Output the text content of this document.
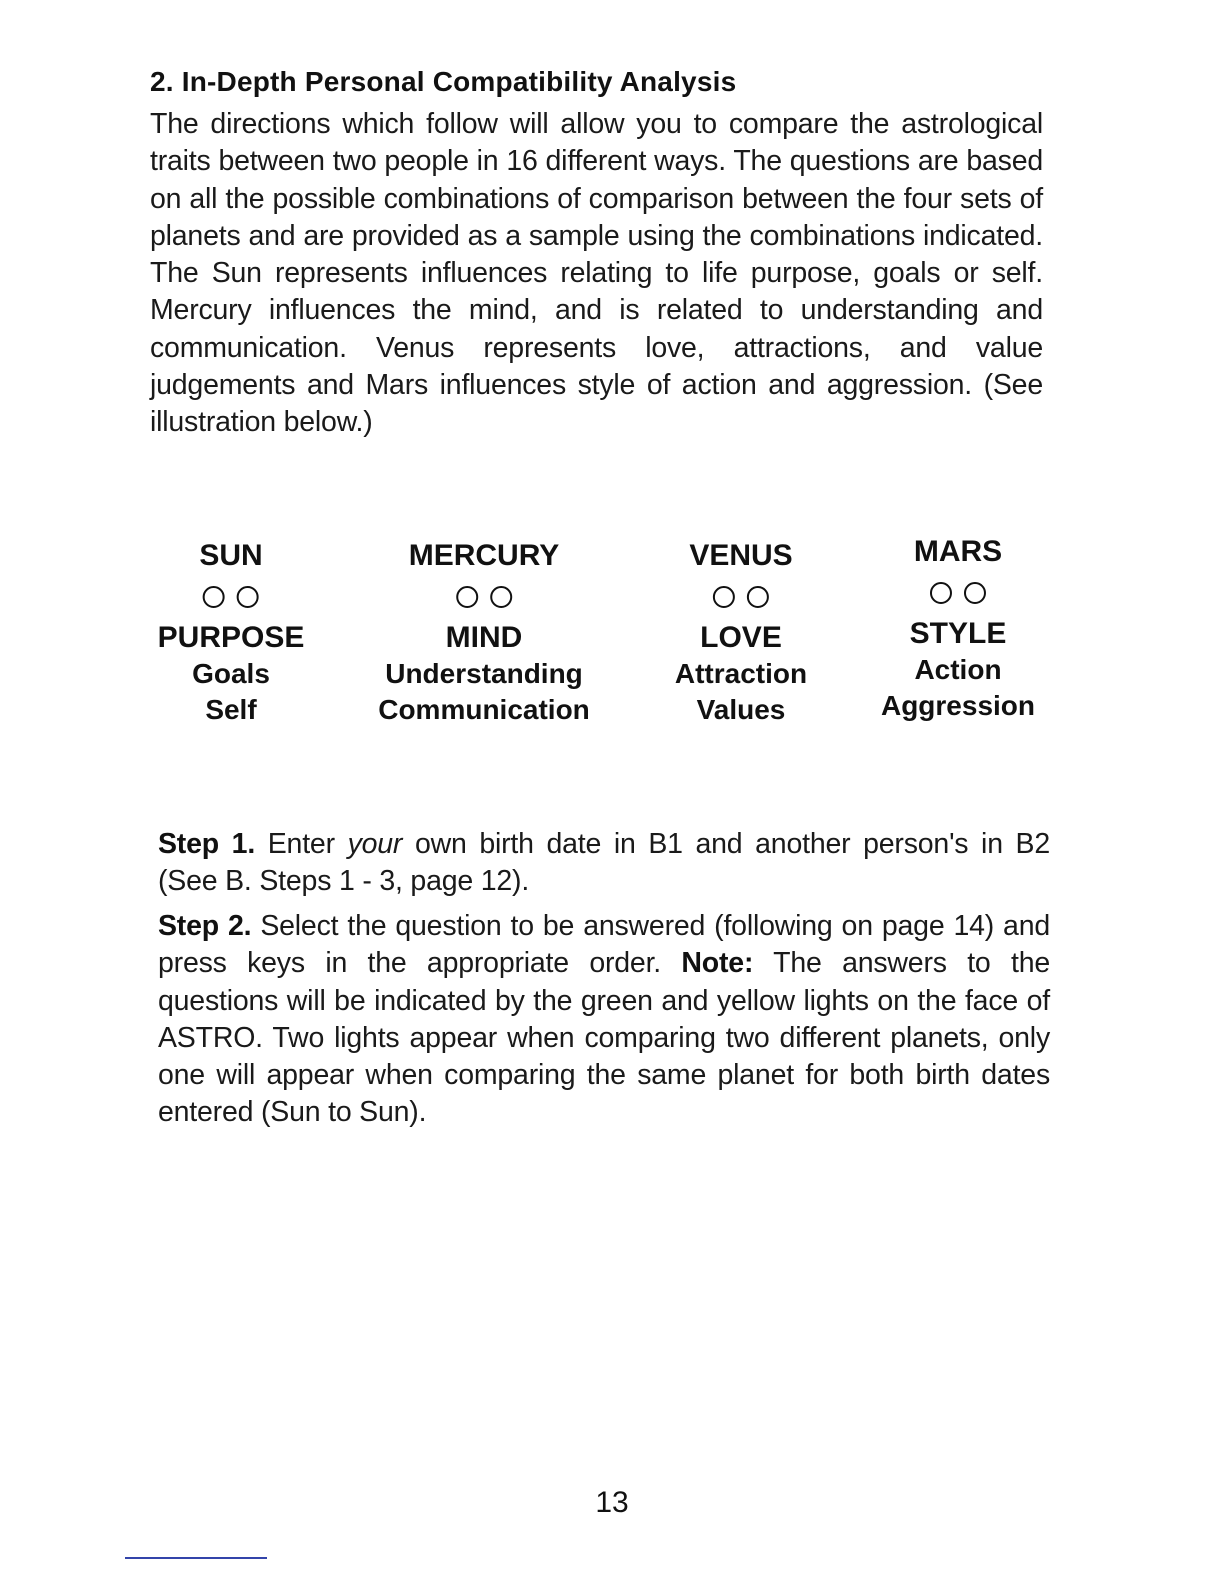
2. In-Depth Personal Compatibility Analysis

The directions which follow will allow you to compare the astrological traits between two people in 16 different ways. The questions are based on all the possible combinations of comparison between the four sets of planets and are provided as a sample using the combinations indicated. The Sun represents influences relating to life purpose, goals or self. Mercury influences the mind, and is related to understanding and communication. Venus represents love, attractions, and value judgements and Mars influences style of action and aggression. (See illustration below.)

SUN
PURPOSE
Goals
Self
MERCURY
MIND
Understanding
Communication
VENUS
LOVE
Attraction
Values
MARS
STYLE
Action
Aggression

Step 1. Enter your own birth date in B1 and another person's in B2 (See B. Steps 1 - 3, page 12).

Step 2. Select the question to be answered (following on page 14) and press keys in the appropriate order. Note: The answers to the questions will be indicated by the green and yellow lights on the face of ASTRO. Two lights appear when comparing two different planets, only one will appear when comparing the same planet for both birth dates entered (Sun to Sun).

13
